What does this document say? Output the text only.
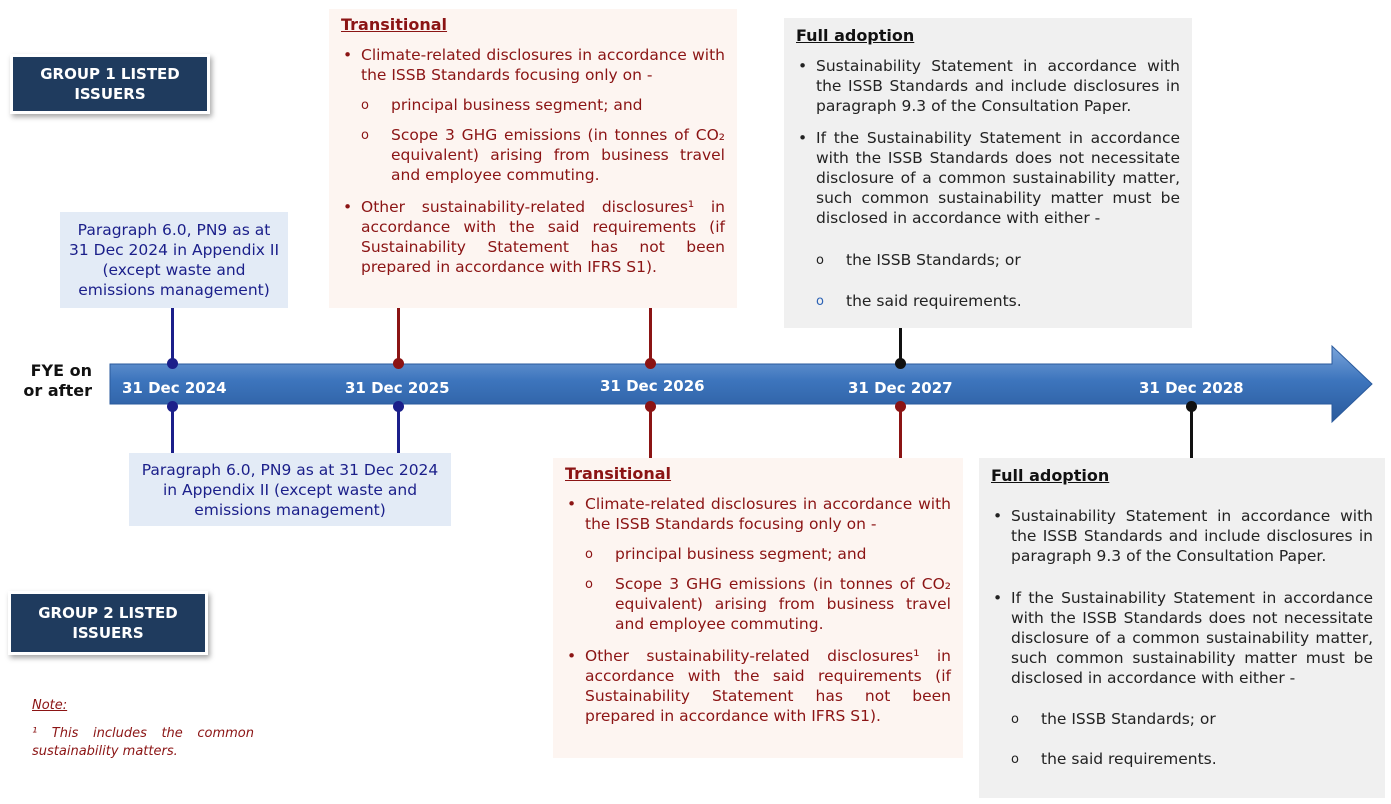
GROUP 1 LISTED ISSUERS
GROUP 2 LISTED ISSUERS
FYE on or after 31 Dec 2024	31 Dec 2025	31 Dec 2026	31 Dec 2027	31 Dec 2028
Paragraph 6.0, PN9 as at 31 Dec 2024 in Appendix II (except waste and emissions management)
Transitional
• Climate-related disclosures in accordance with the ISSB Standards focusing only on -
o principal business segment; and
o Scope 3 GHG emissions (in tonnes of CO₂ equivalent) arising from business travel and employee commuting.
• Other sustainability-related disclosures¹ in accordance with the said requirements (if Sustainability Statement has not been prepared in accordance with IFRS S1).
Full adoption
• Sustainability Statement in accordance with the ISSB Standards and include disclosures in paragraph 9.3 of the Consultation Paper.
• If the Sustainability Statement in accordance with the ISSB Standards does not necessitate disclosure of a common sustainability matter, such common sustainability matter must be disclosed in accordance with either -
o the ISSB Standards; or
o the said requirements.
Paragraph 6.0, PN9 as at 31 Dec 2024 in Appendix II (except waste and emissions management)
Transitional
• Climate-related disclosures in accordance with the ISSB Standards focusing only on -
o principal business segment; and
o Scope 3 GHG emissions (in tonnes of CO₂ equivalent) arising from business travel and employee commuting.
• Other sustainability-related disclosures¹ in accordance with the said requirements (if Sustainability Statement has not been prepared in accordance with IFRS S1).
Full adoption
• Sustainability Statement in accordance with the ISSB Standards and include disclosures in paragraph 9.3 of the Consultation Paper.
• If the Sustainability Statement in accordance with the ISSB Standards does not necessitate disclosure of a common sustainability matter, such common sustainability matter must be disclosed in accordance with either -
o the ISSB Standards; or
o the said requirements.
Note:
¹ This includes the common sustainability matters.
